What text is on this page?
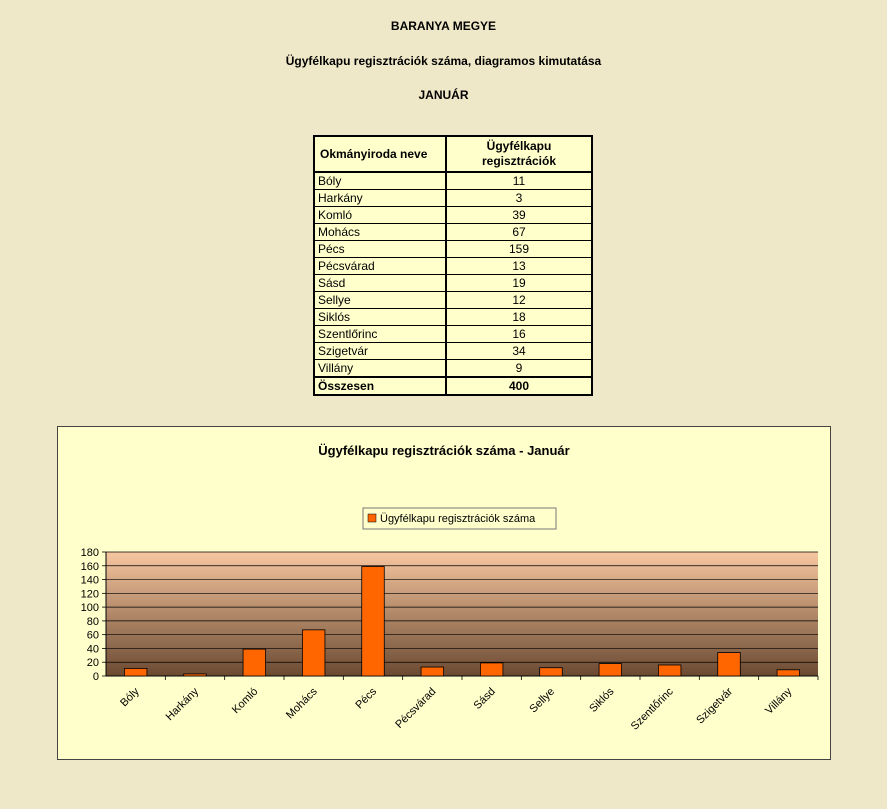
BARANYA MEGYE
Ügyfélkapu regisztrációk száma, diagramos kimutatása
JANUÁR
Okmányiroda neve	Ügyfélkapu
regisztrációk
Bóly	11
Harkány	3
Komló	39
Mohács	67
Pécs	159
Pécsvárad	13
Sásd	19
Sellye	12
Siklós	18
Szentlőrinc	16
Szigetvár	34
Villány	9
Összesen	400
Ügyfélkapu regisztrációk száma - Január
Ügyfélkapu regisztrációk száma
0
20
40
60
80
100
120
140
160
180
Bóly Harkány	Komló Mohács	Pécs Pécsvárad	Sásd	Sellye	Siklós Szentlőrinc Szigetvár	Villány
